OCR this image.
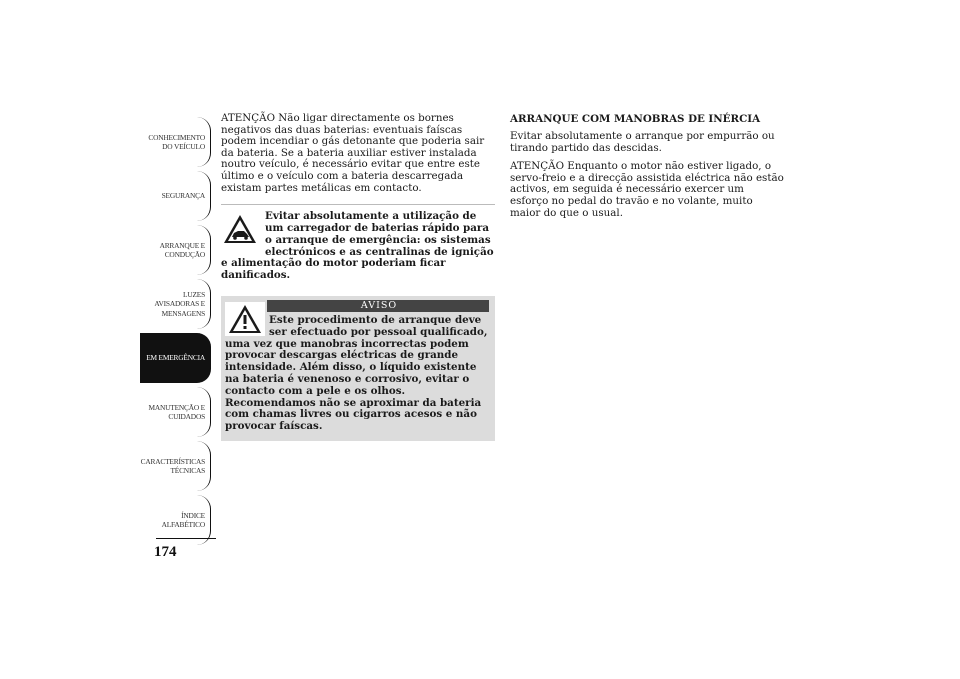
CONHECIMENTO
DO VEÍCULO
SEGURANÇA
ARRANQUE E
CONDUÇÃO
LUZES
AVISADORAS E
MENSAGENS
EM EMERGÊNCIA
MANUTENÇÃO E
CUIDADOS
CARACTERÍSTICAS
TÉCNICAS
ÍNDICE
ALFABÉTICO
174

ATENÇÃO Não ligar directamente os bornes negativos das duas baterias: eventuais faíscas podem incendiar o gás detonante que poderia sair da bateria. Se a bateria auxiliar estiver instalada noutro veículo, é necessário evitar que entre este último e o veículo com a bateria descarregada existam partes metálicas em contacto.

Evitar absolutamente a utilização de um carregador de baterias rápido para o arranque de emergência: os sistemas electrónicos e as centralinas de ignição e alimentação do motor poderiam ficar danificados.
AVISO
Este procedimento de arranque deve ser efectuado por pessoal qualificado, uma vez que manobras incorrectas podem provocar descargas eléctricas de grande intensidade. Além disso, o líquido existente na bateria é venenoso e corrosivo, evitar o contacto com a pele e os olhos. Recomendamos não se aproximar da bateria com chamas livres ou cigarros acesos e não provocar faíscas.

ARRANQUE COM MANOBRAS DE INÉRCIA

Evitar absolutamente o arranque por empurrão ou tirando partido das descidas.

ATENÇÃO Enquanto o motor não estiver ligado, o servo-freio e a direcção assistida eléctrica não estão activos, em seguida é necessário exercer um esforço no pedal do travão e no volante, muito maior do que o usual.
